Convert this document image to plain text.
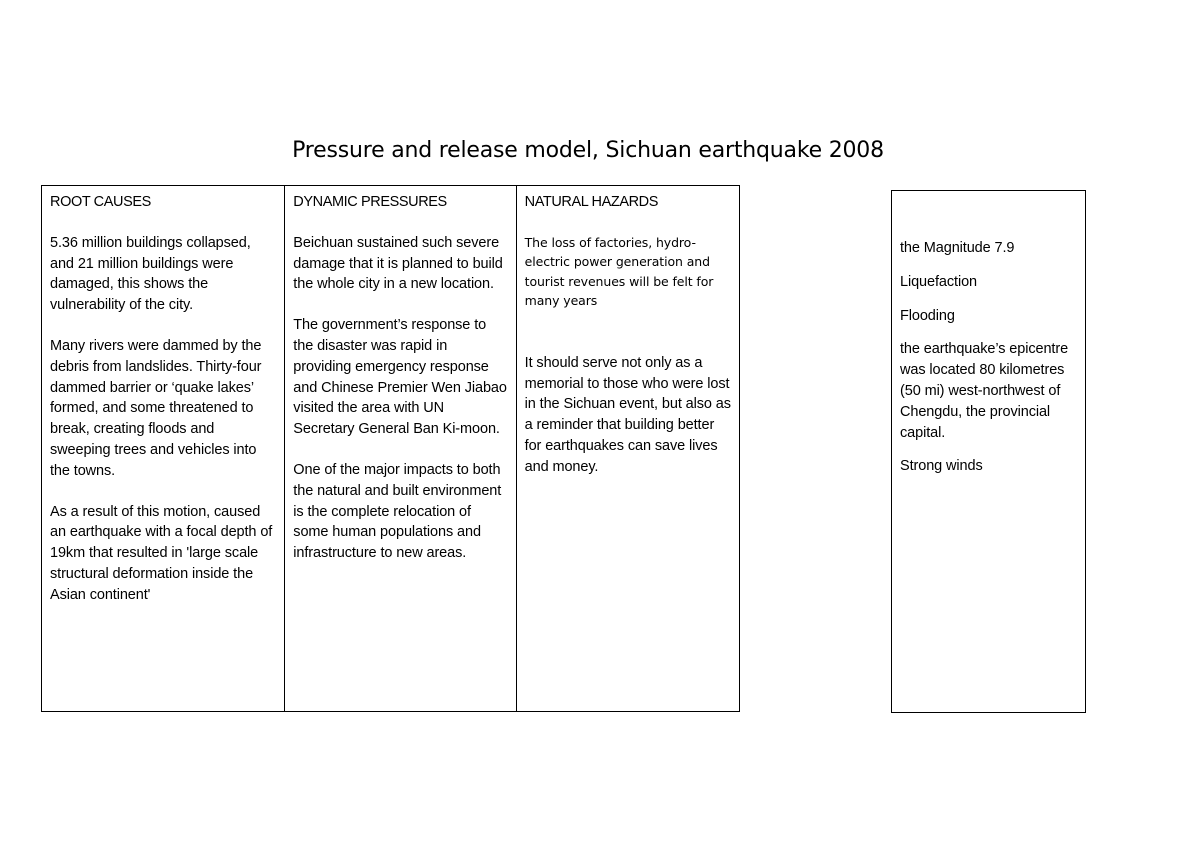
Pressure and release model, Sichuan earthquake 2008
ROOT CAUSES

5.36 million buildings collapsed, and 21 million buildings were damaged, this shows the vulnerability of the city.

Many rivers were dammed by the debris from landslides. Thirty-four dammed barrier or ‘quake lakes’ formed, and some threatened to break, creating floods and sweeping trees and vehicles into the towns.

As a result of this motion, caused an earthquake with a focal depth of 19km that resulted in 'large scale structural deformation inside the Asian continent'

DYNAMIC PRESSURES

Beichuan sustained such severe damage that it is planned to build the whole city in a new location.

The government’s response to the disaster was rapid in providing emergency response and Chinese Premier Wen Jiabao visited the area with UN Secretary General Ban Ki-moon.

One of the major impacts to both the natural and built environment is the complete relocation of some human populations and infrastructure to new areas.

NATURAL HAZARDS

The loss of factories, hydro-electric power generation and tourist revenues will be felt for many years

It should serve not only as a memorial to those who were lost in the Sichuan event, but also as a reminder that building better for earthquakes can save lives and money.

the Magnitude 7.9

Liquefaction

Flooding

the earthquake’s epicentre was located 80 kilometres (50 mi) west-northwest of Chengdu, the provincial capital.

Strong winds
